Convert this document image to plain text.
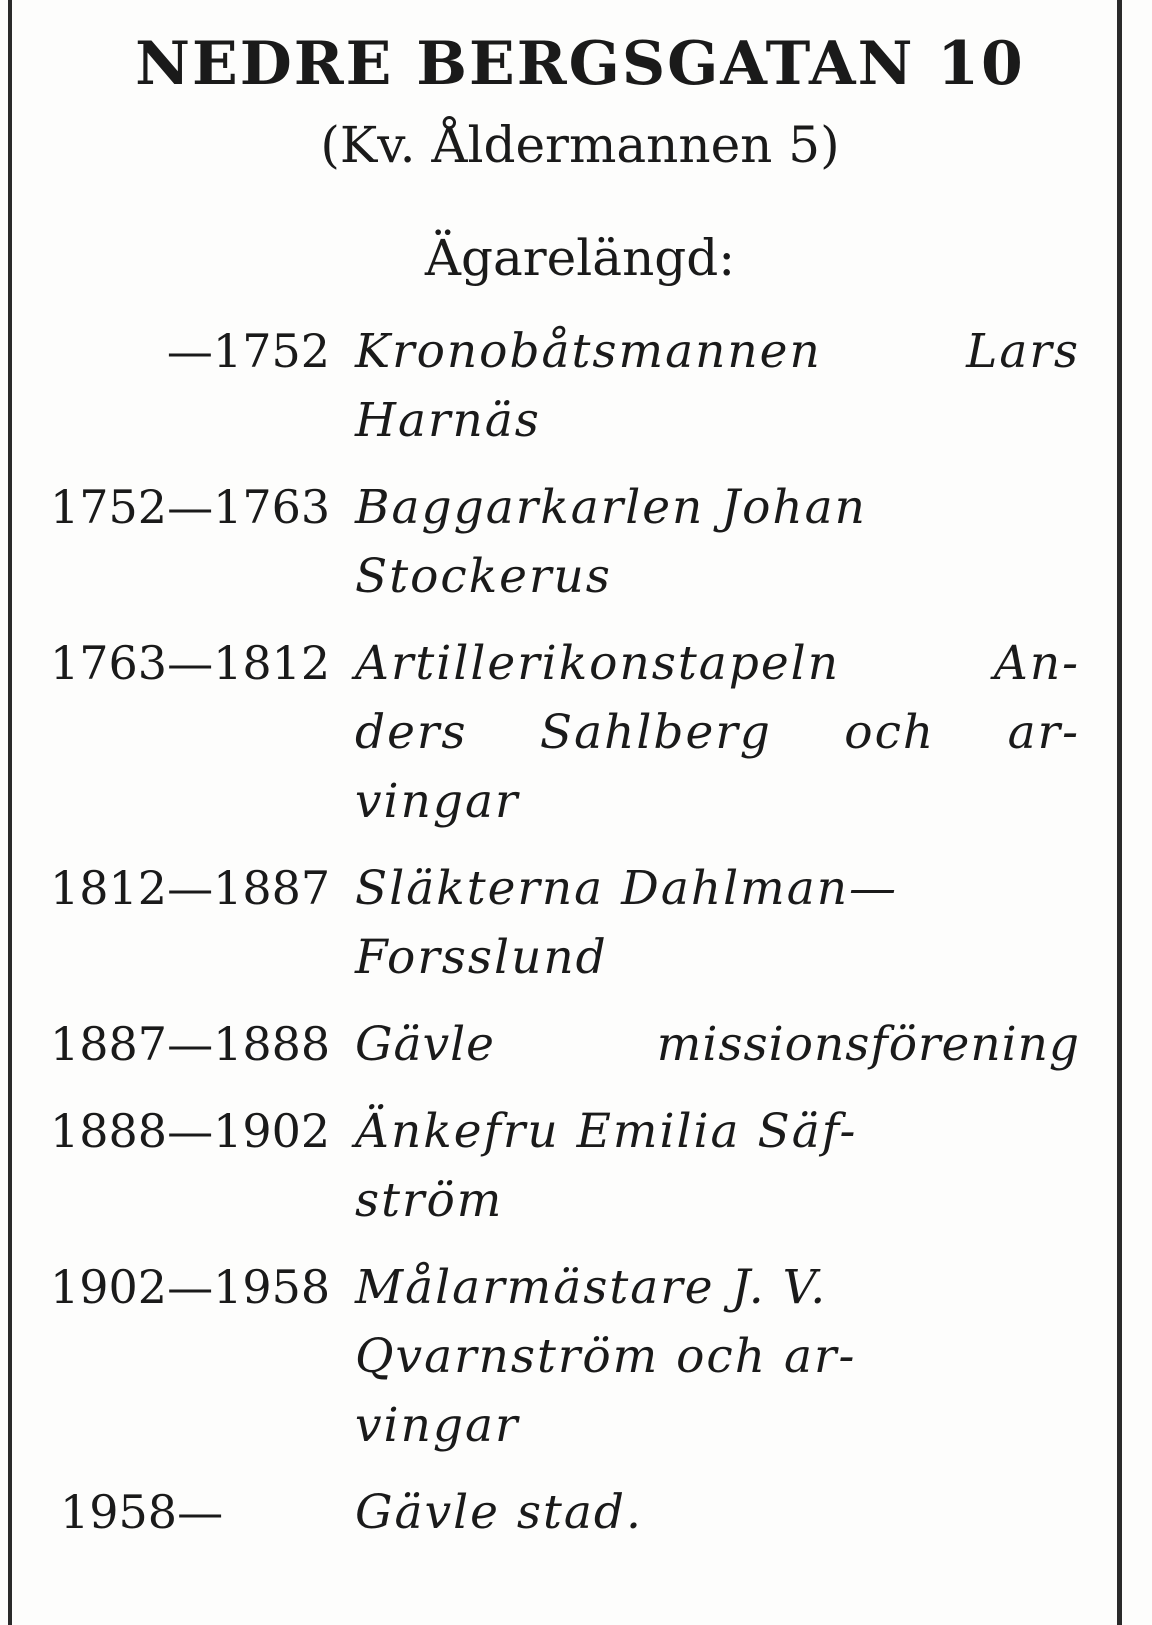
NEDRE BERGSGATAN 10
(Kv. Åldermannen 5)
Ägarelängd:
—1752 Kronobåtsmannen Lars
Harnäs
1752—1763 Baggarkarlen Johan
Stockerus
1763—1812 Artillerikonstapeln An-
ders Sahlberg och ar-
vingar
1812—1887 Släkterna Dahlman—
Forsslund
1887—1888 Gävle missionsförening
1888—1902 Änkefru Emilia Säf-
ström
1902—1958 Målarmästare J. V.
Qvarnström och ar-
vingar
1958—	Gävle stad.
